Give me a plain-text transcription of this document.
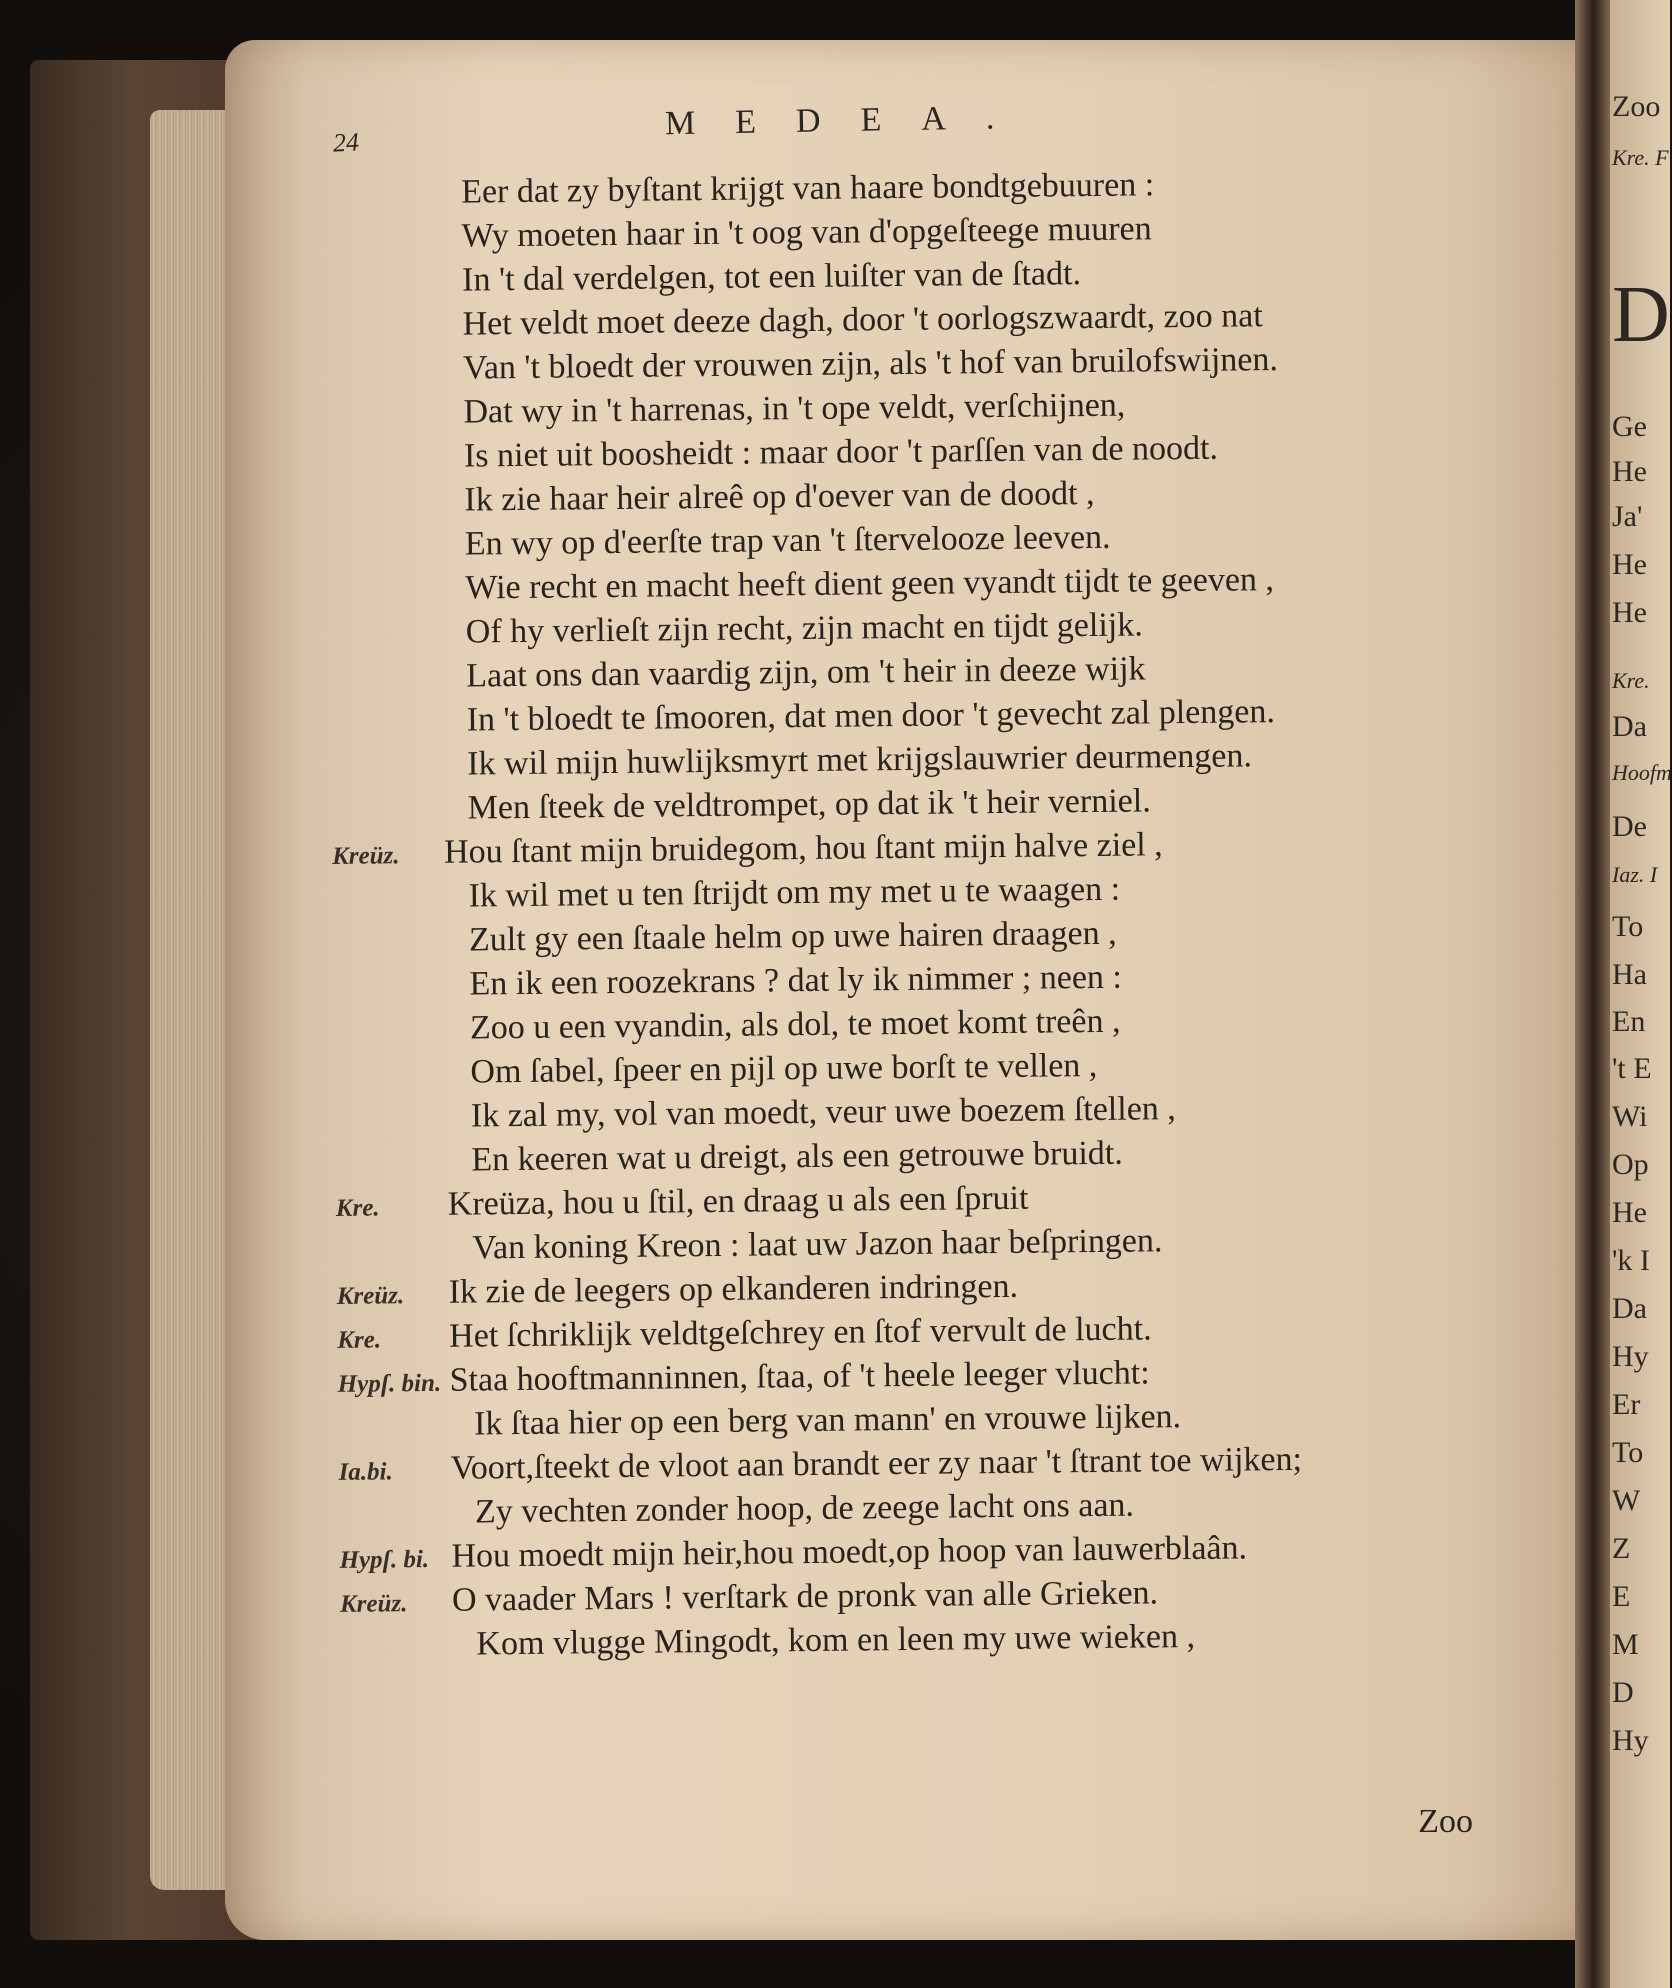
24
MEDEA.
Eer dat zy byſtant krijgt van haare bondtgebuuren :
Wy moeten haar in 't oog van d'opgeſteege muuren
In 't dal verdelgen, tot een luiſter van de ſtadt.
Het veldt moet deeze dagh, door 't oorlogszwaardt, zoo nat
Van 't bloedt der vrouwen zijn, als 't hof van bruilofswijnen.
Dat wy in 't harrenas, in 't ope veldt, verſchijnen,
Is niet uit boosheidt : maar door 't parſſen van de noodt.
Ik zie haar heir alreê op d'oever van de doodt ,
En wy op d'eerſte trap van 't ſtervelooze leeven.
Wie recht en macht heeft dient geen vyandt tijdt te geeven ,
Of hy verlieſt zijn recht, zijn macht en tijdt gelijk.
Laat ons dan vaardig zijn, om 't heir in deeze wijk
In 't bloedt te ſmooren, dat men door 't gevecht zal plengen.
Ik wil mijn huwlijksmyrt met krijgslauwrier deurmengen.
Men ſteek de veldtrompet, op dat ik 't heir verniel.
Kreüz. Hou ſtant mijn bruidegom, hou ſtant mijn halve ziel ,
Ik wil met u ten ſtrijdt om my met u te waagen :
Zult gy een ſtaale helm op uwe hairen draagen ,
En ik een roozekrans ? dat ly ik nimmer ; neen :
Zoo u een vyandin, als dol, te moet komt treên ,
Om ſabel, ſpeer en pijl op uwe borſt te vellen ,
Ik zal my, vol van moedt, veur uwe boezem ſtellen ,
En keeren wat u dreigt, als een getrouwe bruidt.
Kre. Kreüza, hou u ſtil, en draag u als een ſpruit
Van koning Kreon : laat uw Jazon haar beſpringen.
Kreüz. Ik zie de leegers op elkanderen indringen.
Kre. Het ſchriklijk veldtgeſchrey en ſtof vervult de lucht.
Hypſ. bin. Staa hooftmanninnen, ſtaa, of 't heele leeger vlucht:
Ik ſtaa hier op een berg van mann' en vrouwe lijken.
Ia.bi. Voort,ſteekt de vloot aan brandt eer zy naar 't ſtrant toe wijken;
Zy vechten zonder hoop, de zeege lacht ons aan.
Hypſ. bi. Hou moedt mijn heir,hou moedt,op hoop van lauwerblaân.
Kreüz. O vaader Mars ! verſtark de pronk van alle Grieken.
Kom vlugge Mingodt, kom en leen my uwe wieken ,
Zoo
Zoo
Kre. F
D
Ge
He
Ja'
He
He
Kre.
Da
Hoofm
De
Iaz. I
To
Ha
En
't E
Wi
Op
He
'k I
Da
Hy
Er
To
W
Z
E
M
D
Hy
